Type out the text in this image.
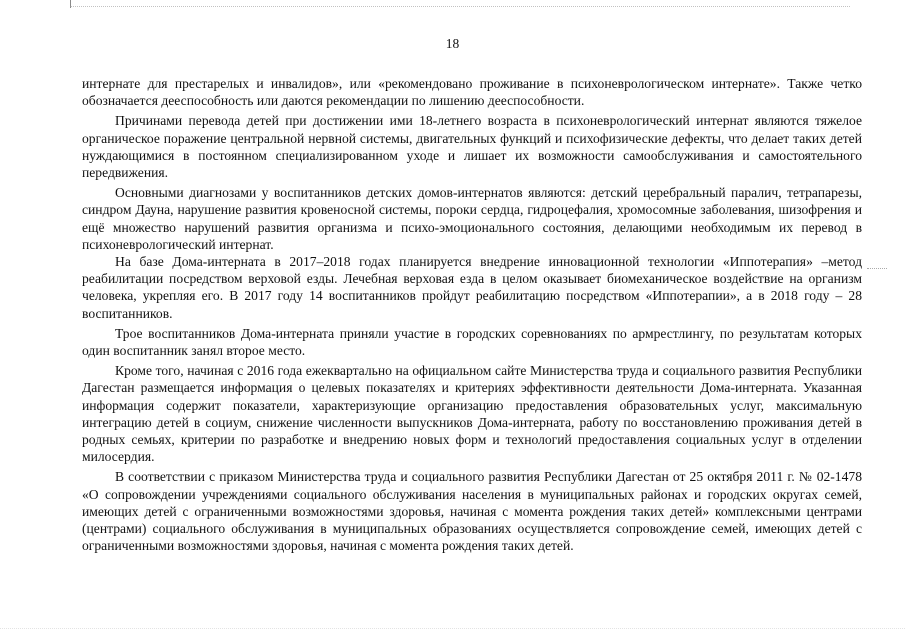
18

интернате для престарелых и инвалидов», или «рекомендовано проживание в психоневрологическом интернате». Также четко обозначается дееспособность или даются рекомендации по лишению дееспособности.

Причинами перевода детей при достижении ими 18-летнего возраста в психоневрологический интернат являются тяжелое органическое поражение центральной нервной системы, двигательных функций и психофизические дефекты, что делает таких детей нуждающимися в постоянном специализированном уходе и лишает их возможности самообслуживания и самостоятельного передвижения.

Основными диагнозами у воспитанников детских домов-интернатов являются: детский церебральный паралич, тетрапарезы, синдром Дауна, нарушение развития кровеносной системы, пороки сердца, гидроцефалия, хромосомные заболевания, шизофрения и ещё множество нарушений развития организма и психо-эмоционального состояния, делающими необходимым их перевод в психоневрологический интернат.

На базе Дома-интерната в 2017–2018 годах планируется внедрение инновационной технологии «Иппотерапия» –метод реабилитации посредством верховой езды. Лечебная верховая езда в целом оказывает биомеханическое воздействие на организм человека, укрепляя его. В 2017 году 14 воспитанников пройдут реабилитацию посредством «Иппотерапии», а в 2018 году – 28 воспитанников.

Трое воспитанников Дома-интерната приняли участие в городских соревнованиях по армрестлингу, по результатам которых один воспитанник занял второе место.

Кроме того, начиная с 2016 года ежеквартально на официальном сайте Министерства труда и социального развития Республики Дагестан размещается информация о целевых показателях и критериях эффективности деятельности Дома-интерната. Указанная информация содержит показатели, характеризующие организацию предоставления образовательных услуг, максимальную интеграцию детей в социум, снижение численности выпускников Дома-интерната, работу по восстановлению проживания детей в родных семьях, критерии по разработке и внедрению новых форм и технологий предоставления социальных услуг в отделении милосердия.

В соответствии с приказом Министерства труда и социального развития Республики Дагестан от 25 октября 2011 г. № 02-1478 «О сопровождении учреждениями социального обслуживания населения в муниципальных районах и городских округах семей, имеющих детей с ограниченными возможностями здоровья, начиная с момента рождения таких детей» комплексными центрами (центрами) социального обслуживания в муниципальных образованиях осуществляется сопровождение семей, имеющих детей с ограниченными возможностями здоровья, начиная с момента рождения таких детей.
